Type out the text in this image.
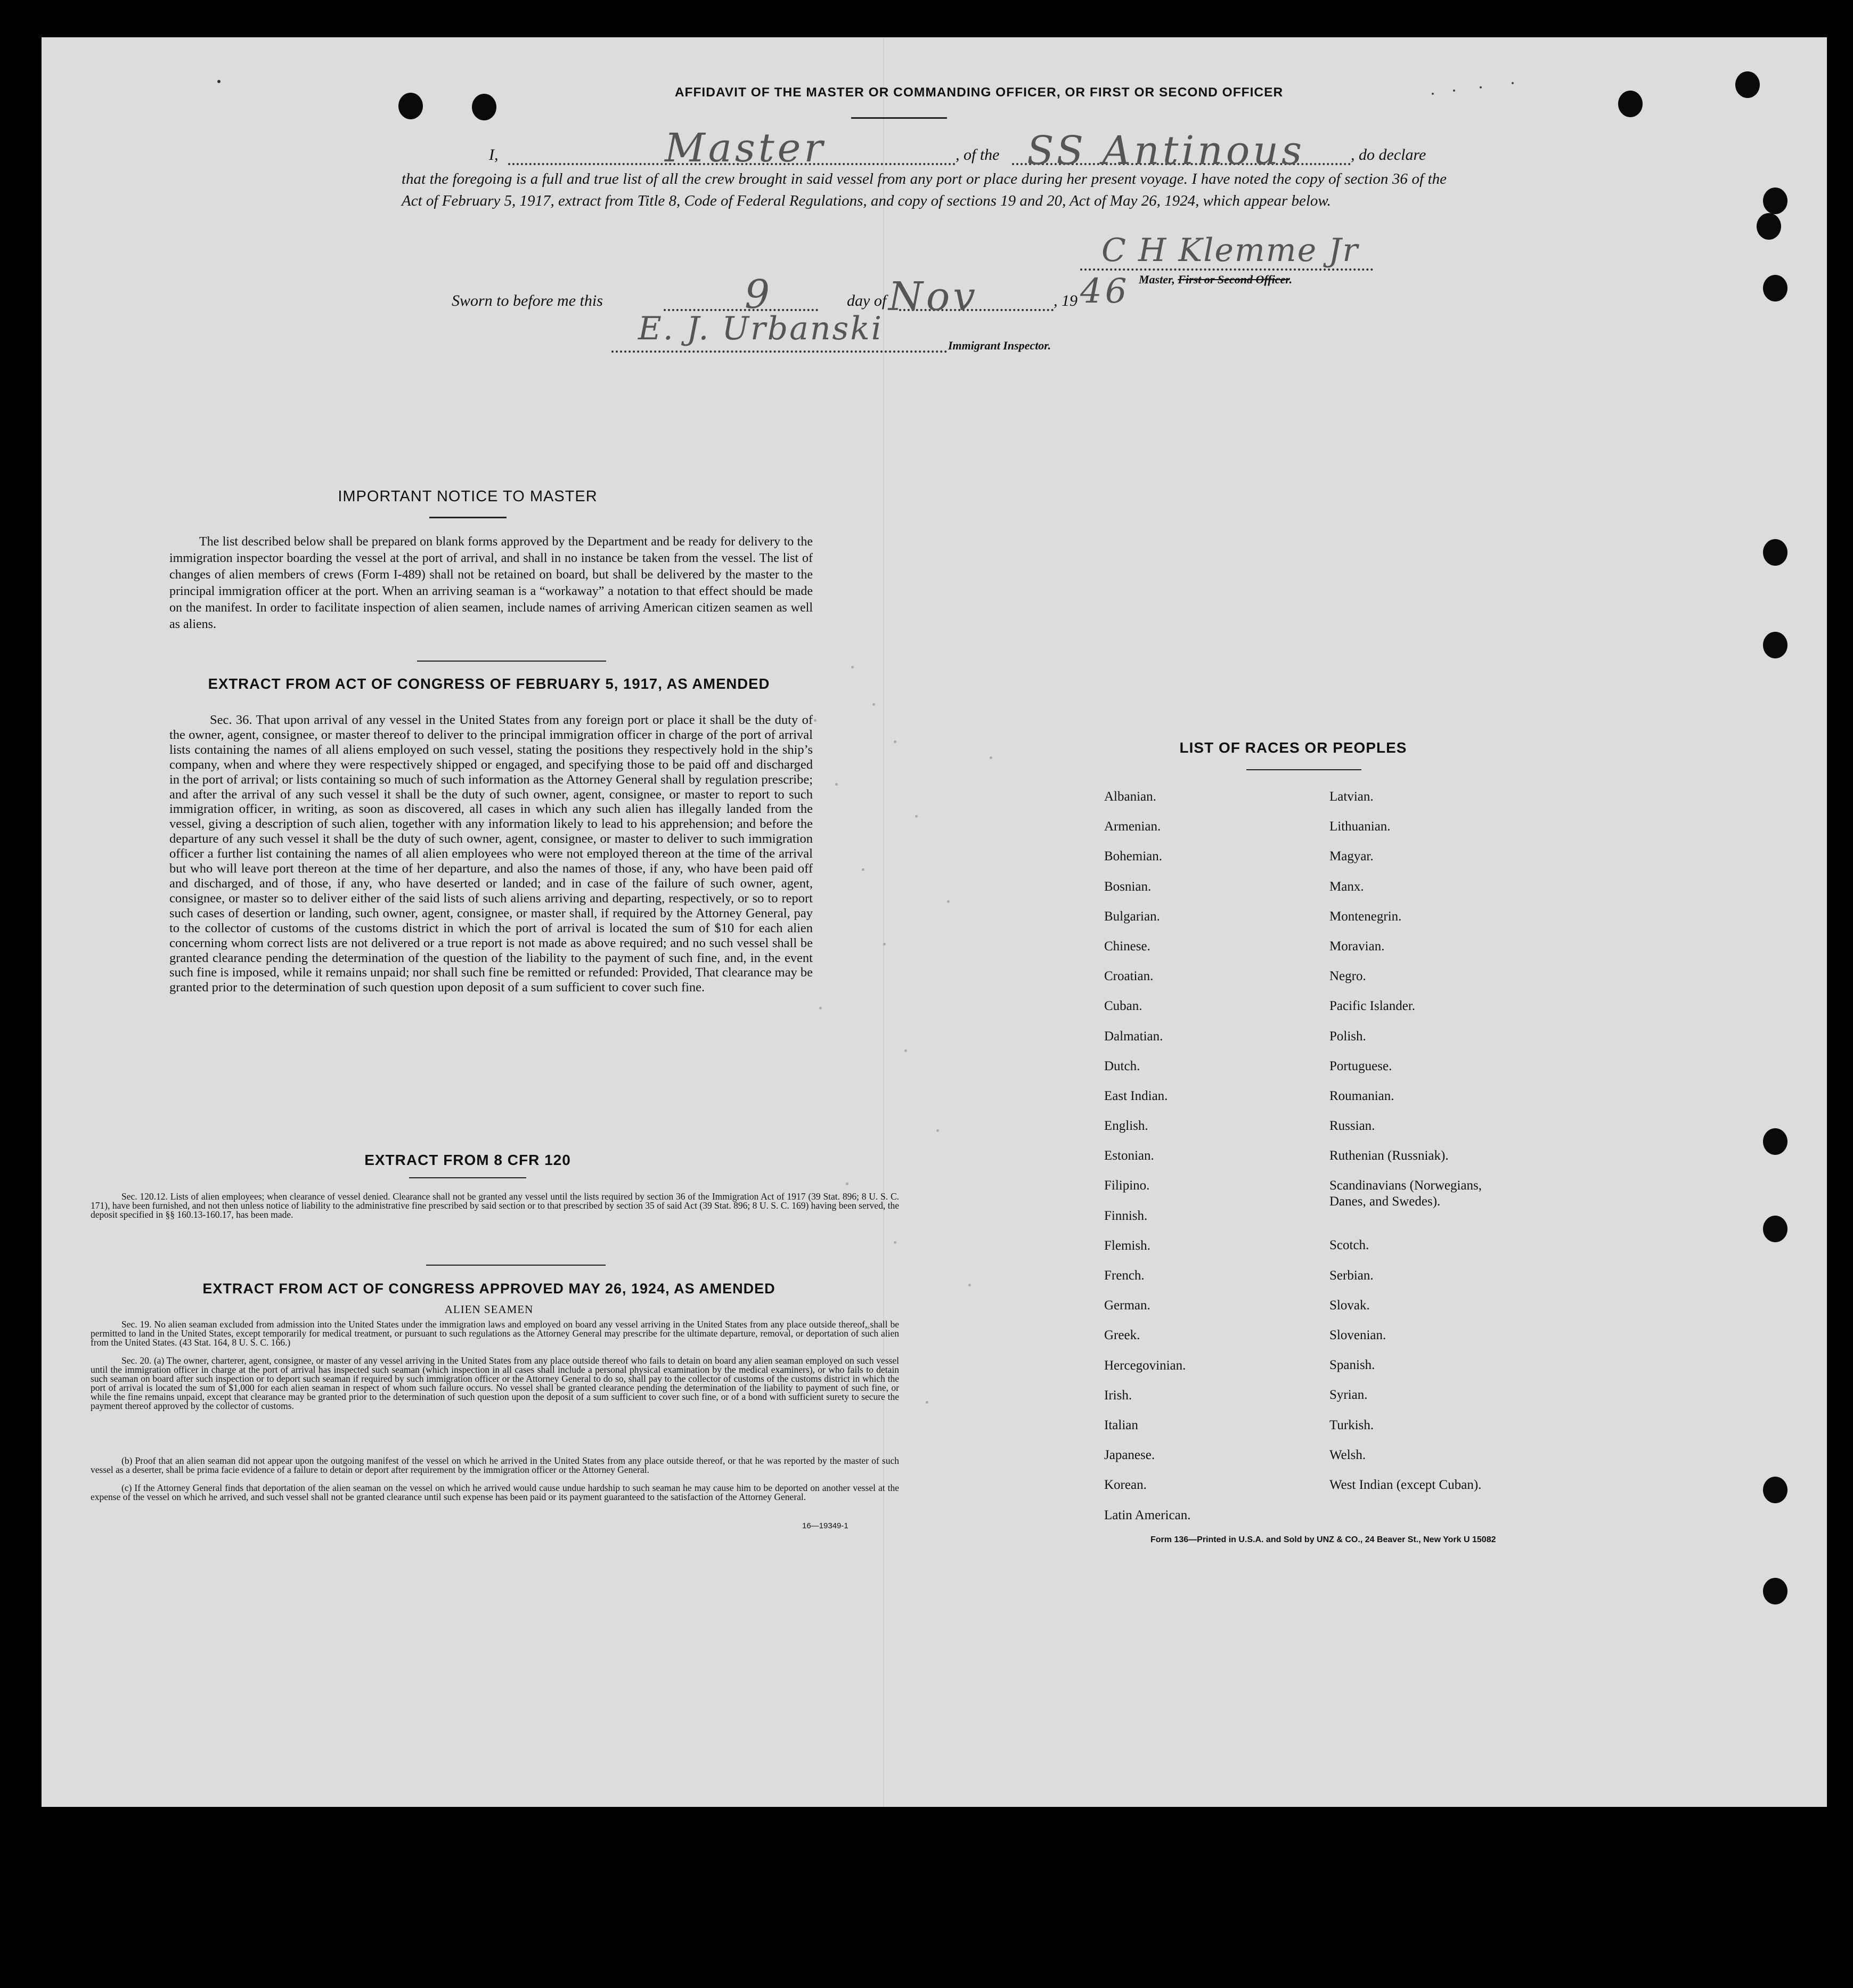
AFFIDAVIT OF THE MASTER OR COMMANDING OFFICER, OR FIRST OR SECOND OFFICER
I,	, of the	, do declare
Master	SS Antinous
that the foregoing is a full and true list of all the crew brought in said vessel from any port or place during her present voyage. I have noted the copy of section 36 of the Act of February 5, 1917, extract from Title 8, Code of Federal Regulations, and copy of sections 19 and 20, Act of May 26, 1924, which appear below.
C H Klemme Jr
Master, First or Second Officer.
Sworn to before me this	day of	, 19
9	Nov	46
E. J. Urbanski	Immigrant Inspector.
IMPORTANT NOTICE TO MASTER
The list described below shall be prepared on blank forms approved by the Department and be ready for delivery to the immigration inspector boarding the vessel at the port of arrival, and shall in no instance be taken from the vessel. The list of changes of alien members of crews (Form I-489) shall not be retained on board, but shall be delivered by the master to the principal immigration officer at the port. When an arriving seaman is a “workaway” a notation to that effect should be made on the manifest. In order to facilitate inspection of alien seamen, include names of arriving American citizen seamen as well as aliens.
EXTRACT FROM ACT OF CONGRESS OF FEBRUARY 5, 1917, AS AMENDED
Sec. 36. That upon arrival of any vessel in the United States from any foreign port or place it shall be the duty of the owner, agent, consignee, or master thereof to deliver to the principal immigration officer in charge of the port of arrival lists containing the names of all aliens employed on such vessel, stating the positions they respectively hold in the ship’s company, when and where they were respectively shipped or engaged, and specifying those to be paid off and discharged in the port of arrival; or lists containing so much of such information as the Attorney General shall by regulation prescribe; and after the arrival of any such vessel it shall be the duty of such owner, agent, consignee, or master to report to such immigration officer, in writing, as soon as discovered, all cases in which any such alien has illegally landed from the vessel, giving a description of such alien, together with any information likely to lead to his apprehension; and before the departure of any such vessel it shall be the duty of such owner, agent, consignee, or master to deliver to such immigration officer a further list containing the names of all alien employees who were not employed thereon at the time of the arrival but who will leave port thereon at the time of her departure, and also the names of those, if any, who have been paid off and discharged, and of those, if any, who have deserted or landed; and in case of the failure of such owner, agent, consignee, or master so to deliver either of the said lists of such aliens arriving and departing, respectively, or so to report such cases of desertion or landing, such owner, agent, consignee, or master shall, if required by the Attorney General, pay to the collector of customs of the customs district in which the port of arrival is located the sum of $10 for each alien concerning whom correct lists are not delivered or a true report is not made as above required; and no such vessel shall be granted clearance pending the determination of the question of the liability to the payment of such fine, and, in the event such fine is imposed, while it remains unpaid; nor shall such fine be remitted or refunded: Provided, That clearance may be granted prior to the determination of such question upon deposit of a sum sufficient to cover such fine.
EXTRACT FROM 8 CFR 120
Sec. 120.12. Lists of alien employees; when clearance of vessel denied. Clearance shall not be granted any vessel until the lists required by section 36 of the Immigration Act of 1917 (39 Stat. 896; 8 U. S. C. 171), have been furnished, and not then unless notice of liability to the administrative fine prescribed by said section or to that prescribed by section 35 of said Act (39 Stat. 896; 8 U. S. C. 169) having been served, the deposit specified in §§ 160.13-160.17, has been made.
EXTRACT FROM ACT OF CONGRESS APPROVED MAY 26, 1924, AS AMENDED
ALIEN SEAMEN
Sec. 19. No alien seaman excluded from admission into the United States under the immigration laws and employed on board any vessel arriving in the United States from any place outside thereof, shall be permitted to land in the United States, except temporarily for medical treatment, or pursuant to such regulations as the Attorney General may prescribe for the ultimate departure, removal, or deportation of such alien from the United States. (43 Stat. 164, 8 U. S. C. 166.)
Sec. 20. (a) The owner, charterer, agent, consignee, or master of any vessel arriving in the United States from any place outside thereof who fails to detain on board any alien seaman employed on such vessel until the immigration officer in charge at the port of arrival has inspected such seaman (which inspection in all cases shall include a personal physical examination by the medical examiners), or who fails to detain such seaman on board after such inspection or to deport such seaman if required by such immigration officer or the Attorney General to do so, shall pay to the collector of customs of the customs district in which the port of arrival is located the sum of $1,000 for each alien seaman in respect of whom such failure occurs. No vessel shall be granted clearance pending the determination of the liability to payment of such fine, or while the fine remains unpaid, except that clearance may be granted prior to the determination of such question upon the deposit of a sum sufficient to cover such fine, or of a bond with sufficient surety to secure the payment thereof approved by the collector of customs.
(b) Proof that an alien seaman did not appear upon the outgoing manifest of the vessel on which he arrived in the United States from any place outside thereof, or that he was reported by the master of such vessel as a deserter, shall be prima facie evidence of a failure to detain or deport after requirement by the immigration officer or the Attorney General.
(c) If the Attorney General finds that deportation of the alien seaman on the vessel on which he arrived would cause undue hardship to such seaman he may cause him to be deported on another vessel at the expense of the vessel on which he arrived, and such vessel shall not be granted clearance until such expense has been paid or its payment guaranteed to the satisfaction of the Attorney General.
16—19349-1
LIST OF RACES OR PEOPLES
Albanian.
Armenian.
Bohemian.
Bosnian.
Bulgarian.
Chinese.
Croatian.
Cuban.
Dalmatian.
Dutch.
East Indian.
English.
Estonian.
Filipino.
Finnish.
Flemish.
French.
German.
Greek.
Hercegovinian.
Irish.
Italian
Japanese.
Korean.
Latin American.
Latvian.
Lithuanian.
Magyar.
Manx.
Montenegrin.
Moravian.
Negro.
Pacific Islander.
Polish.
Portuguese.
Roumanian.
Russian.
Ruthenian (Russniak).
Scandinavians (Norwegians,
Danes, and Swedes).
Scotch.
Serbian.
Slovak.
Slovenian.
Spanish.
Syrian.
Turkish.
Welsh.
West Indian (except Cuban).
Form 136—Printed in U.S.A. and Sold by UNZ & CO., 24 Beaver St., New York U 15082
